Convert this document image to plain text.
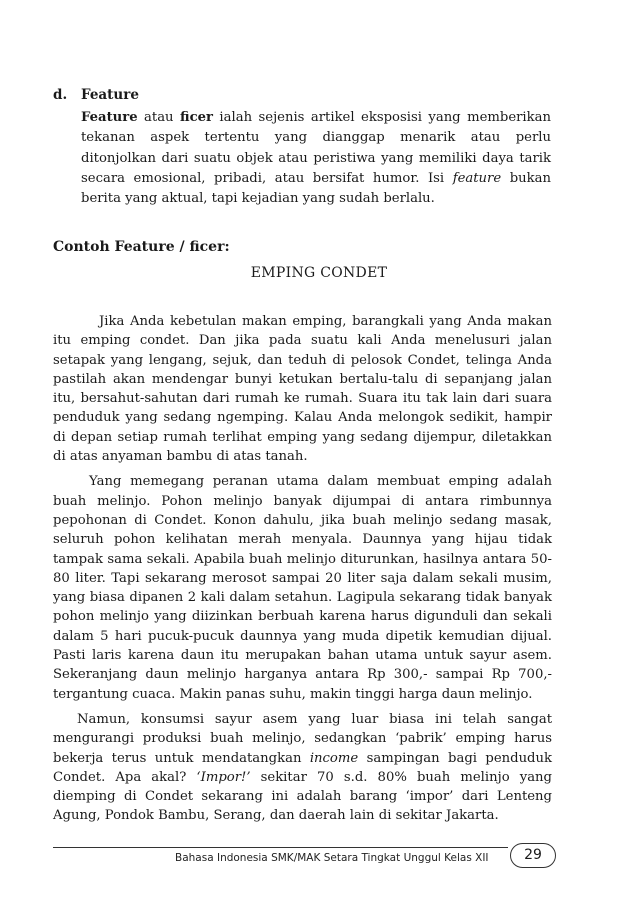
d. Feature

Feature atau ficer ialah sejenis artikel eksposisi yang memberikan tekanan aspek tertentu yang dianggap menarik atau perlu ditonjolkan dari suatu objek atau peristiwa yang memiliki daya tarik secara emosional, pribadi, atau bersifat humor. Isi feature bukan berita yang aktual, tapi kejadian yang sudah berlalu.

Contoh Feature / ficer:
EMPING CONDET

Jika Anda kebetulan makan emping, barangkali yang Anda makan itu emping condet. Dan jika pada suatu kali Anda menelusuri jalan setapak yang lengang, sejuk, dan teduh di pelosok Condet, telinga Anda pastilah akan mendengar bunyi ketukan bertalu-talu di sepanjang jalan itu, bersahut-sahutan dari rumah ke rumah. Suara itu tak lain dari suara penduduk yang sedang ngemping. Kalau Anda melongok sedikit, hampir di depan setiap rumah terlihat emping yang sedang dijempur, diletakkan di atas anyaman bambu di atas tanah.

Yang memegang peranan utama dalam membuat emping adalah buah melinjo. Pohon melinjo banyak dijumpai di antara rimbunnya pepohonan di Condet. Konon dahulu, jika buah melinjo sedang masak, seluruh pohon kelihatan merah menyala. Daunnya yang hijau tidak tampak sama sekali. Apabila buah melinjo diturunkan, hasilnya antara 50-80 liter. Tapi sekarang merosot sampai 20 liter saja dalam sekali musim, yang biasa dipanen 2 kali dalam setahun. Lagipula sekarang tidak banyak pohon melinjo yang diizinkan berbuah karena harus digunduli dan sekali dalam 5 hari pucuk-pucuk daunnya yang muda dipetik kemudian dijual. Pasti laris karena daun itu merupakan bahan utama untuk sayur asem. Sekeranjang daun melinjo harganya antara Rp 300,- sampai Rp 700,- tergantung cuaca. Makin panas suhu, makin tinggi harga daun melinjo.

Namun, konsumsi sayur asem yang luar biasa ini telah sangat mengurangi produksi buah melinjo, sedangkan ‘pabrik’ emping harus bekerja terus untuk mendatangkan income sampingan bagi penduduk Condet. Apa akal? ‘Impor!’ sekitar 70 s.d. 80% buah melinjo yang diemping di Condet sekarang ini adalah barang ‘impor’ dari Lenteng Agung, Pondok Bambu, Serang, dan daerah lain di sekitar Jakarta.

Bahasa Indonesia SMK/MAK Setara Tingkat Unggul Kelas XII	29
